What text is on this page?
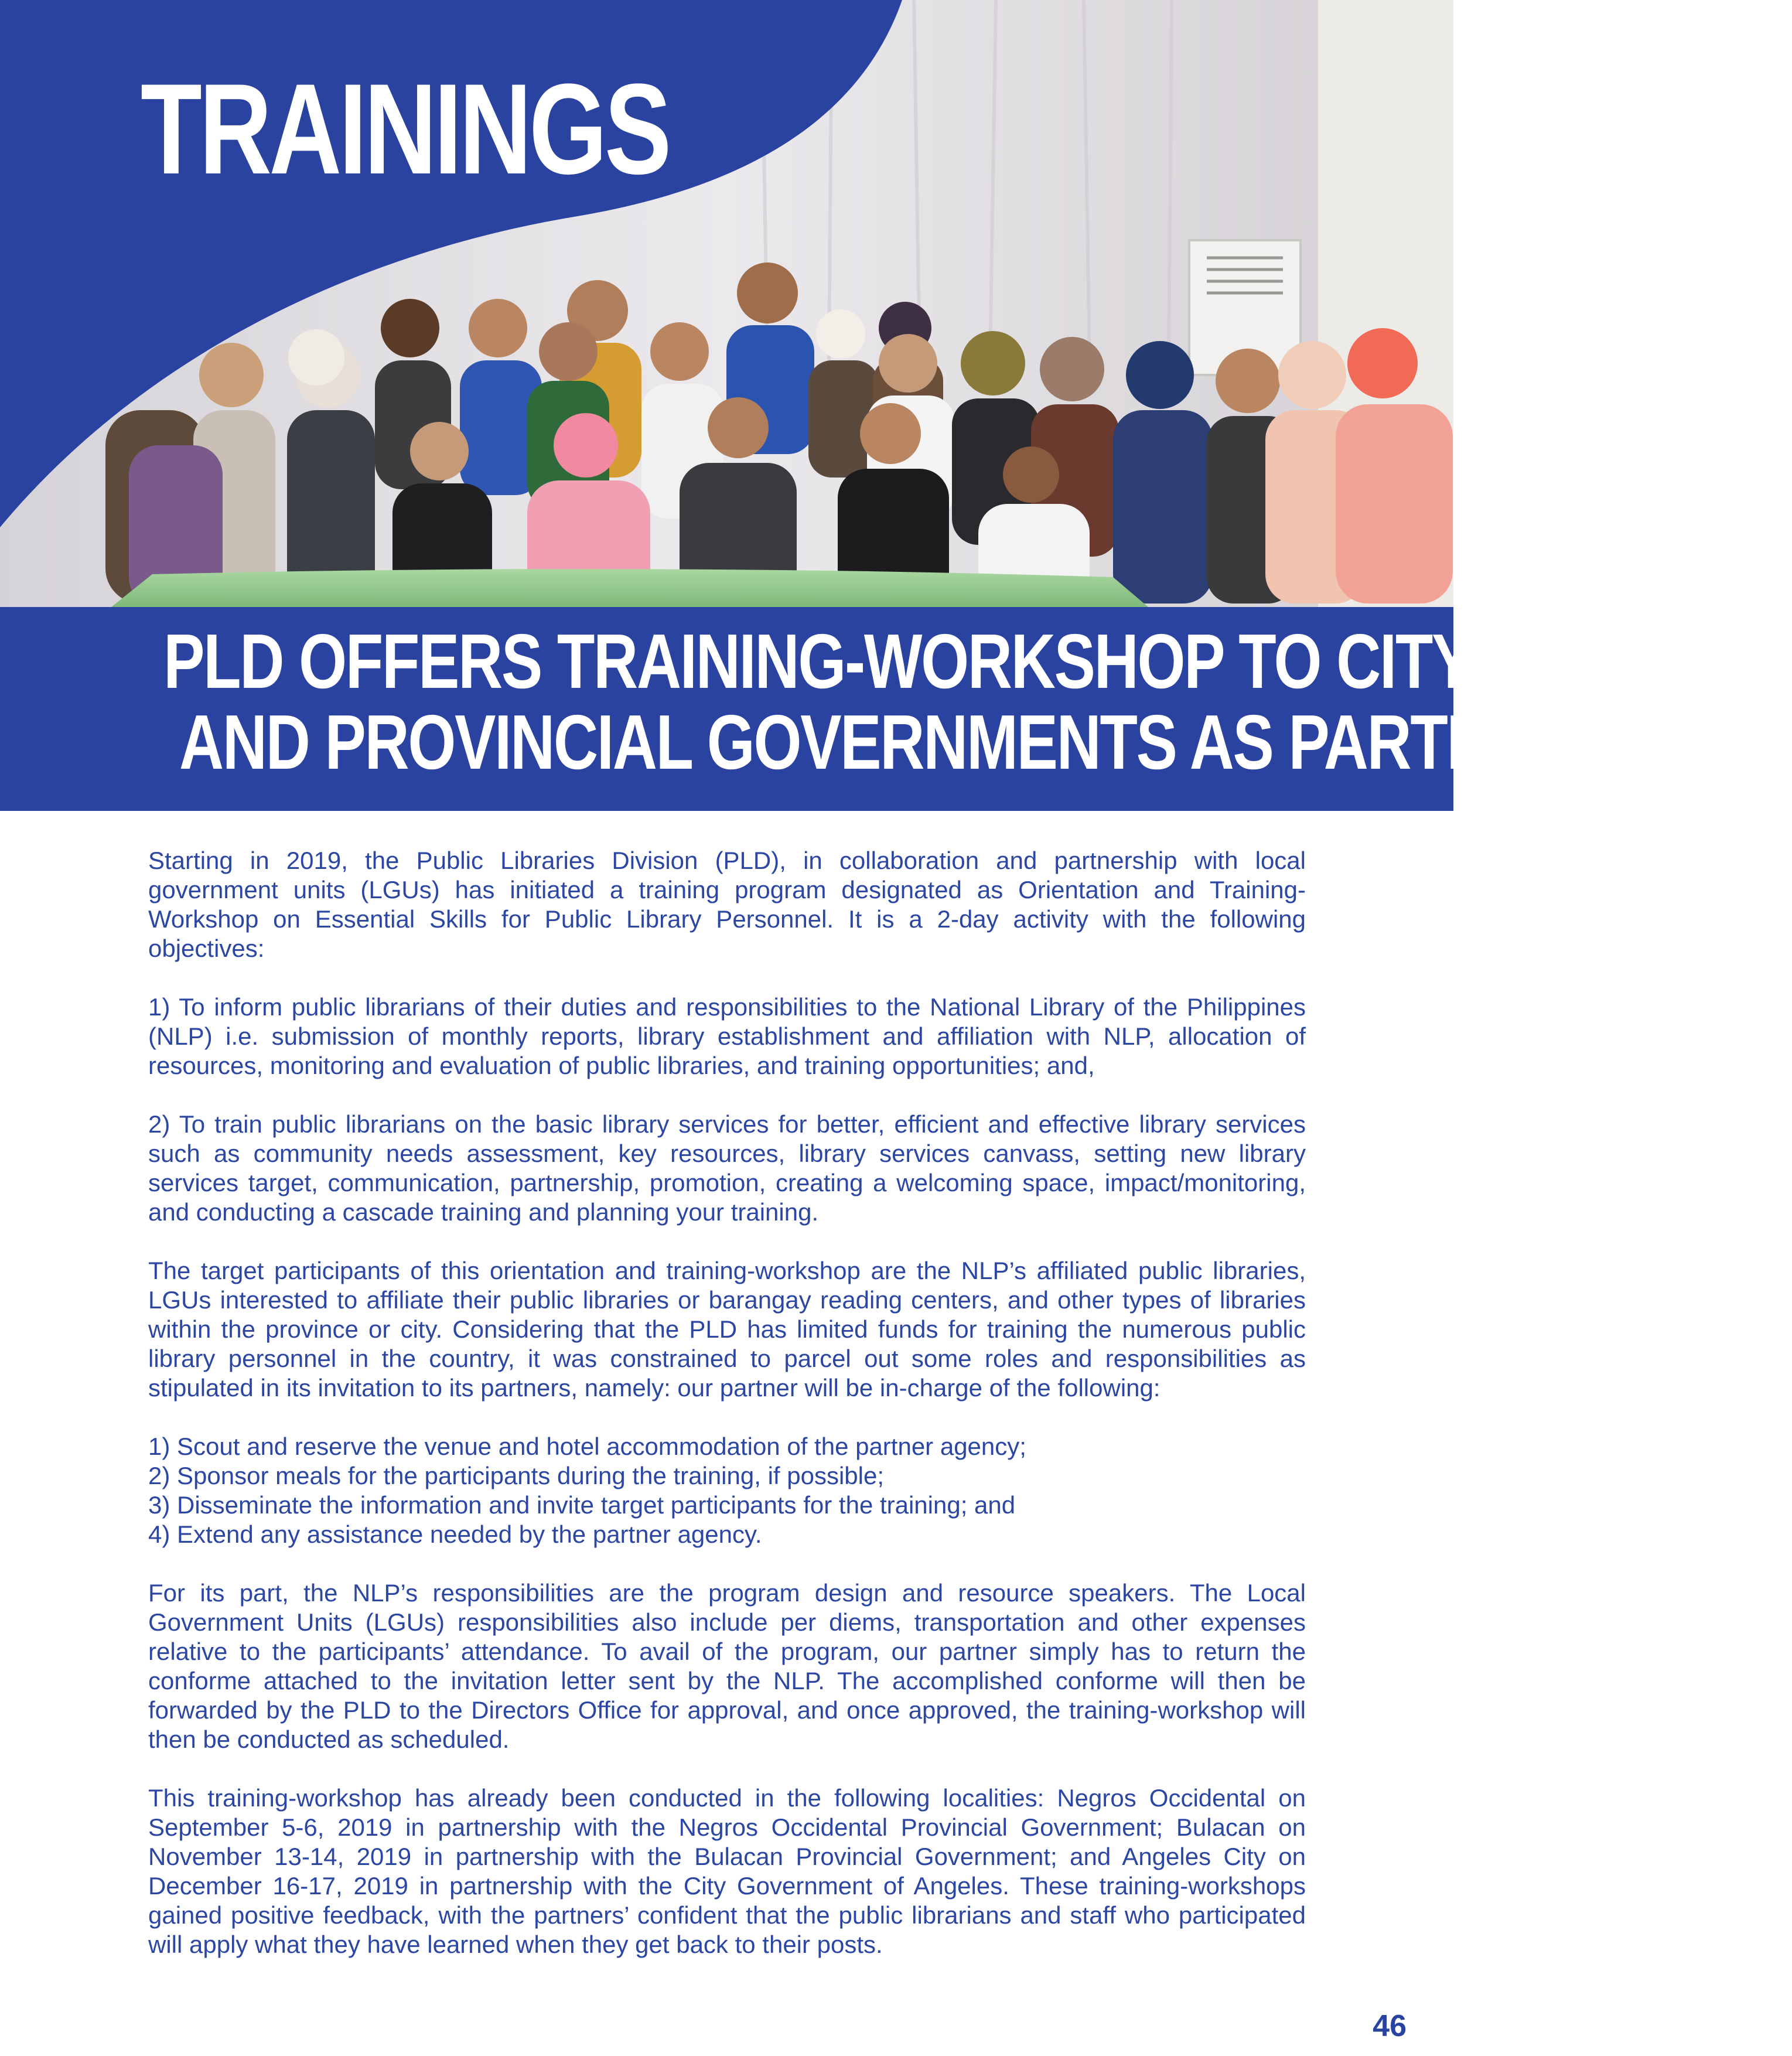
TRAININGS
PLD OFFERS TRAINING-WORKSHOP TO CITY
AND PROVINCIAL GOVERNMENTS AS PARTNERS

Starting in 2019, the Public Libraries Division (PLD), in collaboration and partnership with local government units (LGUs) has initiated a training program designated as Orientation and Training-Workshop on Essential Skills for Public Library Personnel. It is a 2-day activity with the following objectives:

1) To inform public librarians of their duties and responsibilities to the National Library of the Philippines (NLP) i.e. submission of monthly reports, library establishment and affiliation with NLP, allocation of resources, monitoring and evaluation of public libraries, and training opportunities; and,

2) To train public librarians on the basic library services for better, efficient and effective library services such as community needs assessment, key resources, library services canvass, setting new library services target, communication, partnership, promotion, creating a welcoming space, impact/monitoring, and conducting a cascade training and planning your training.

The target participants of this orientation and training-workshop are the NLP’s affiliated public libraries, LGUs interested to affiliate their public libraries or barangay reading centers, and other types of libraries within the province or city. Considering that the PLD has limited funds for training the numerous public library personnel in the country, it was constrained to parcel out some roles and responsibilities as stipulated in its invitation to its partners, namely: our partner will be in-charge of the following:

1) Scout and reserve the venue and hotel accommodation of the partner agency;

2) Sponsor meals for the participants during the training, if possible;

3) Disseminate the information and invite target participants for the training; and

4) Extend any assistance needed by the partner agency.

For its part, the NLP’s responsibilities are the program design and resource speakers. The Local Government Units (LGUs) responsibilities also include per diems, transportation and other expenses relative to the participants’ attendance. To avail of the program, our partner simply has to return the conforme attached to the invitation letter sent by the NLP. The accomplished conforme will then be forwarded by the PLD to the Directors Office for approval, and once approved, the training-workshop will then be conducted as scheduled.

This training-workshop has already been conducted in the following localities: Negros Occidental on September 5-6, 2019 in partnership with the Negros Occidental Provincial Government; Bulacan on November 13-14, 2019 in partnership with the Bulacan Provincial Government; and Angeles City on December 16-17, 2019 in partnership with the City Government of Angeles. These training-workshops gained positive feedback, with the partners’ confident that the public librarians and staff who participated will apply what they have learned when they get back to their posts.

46
